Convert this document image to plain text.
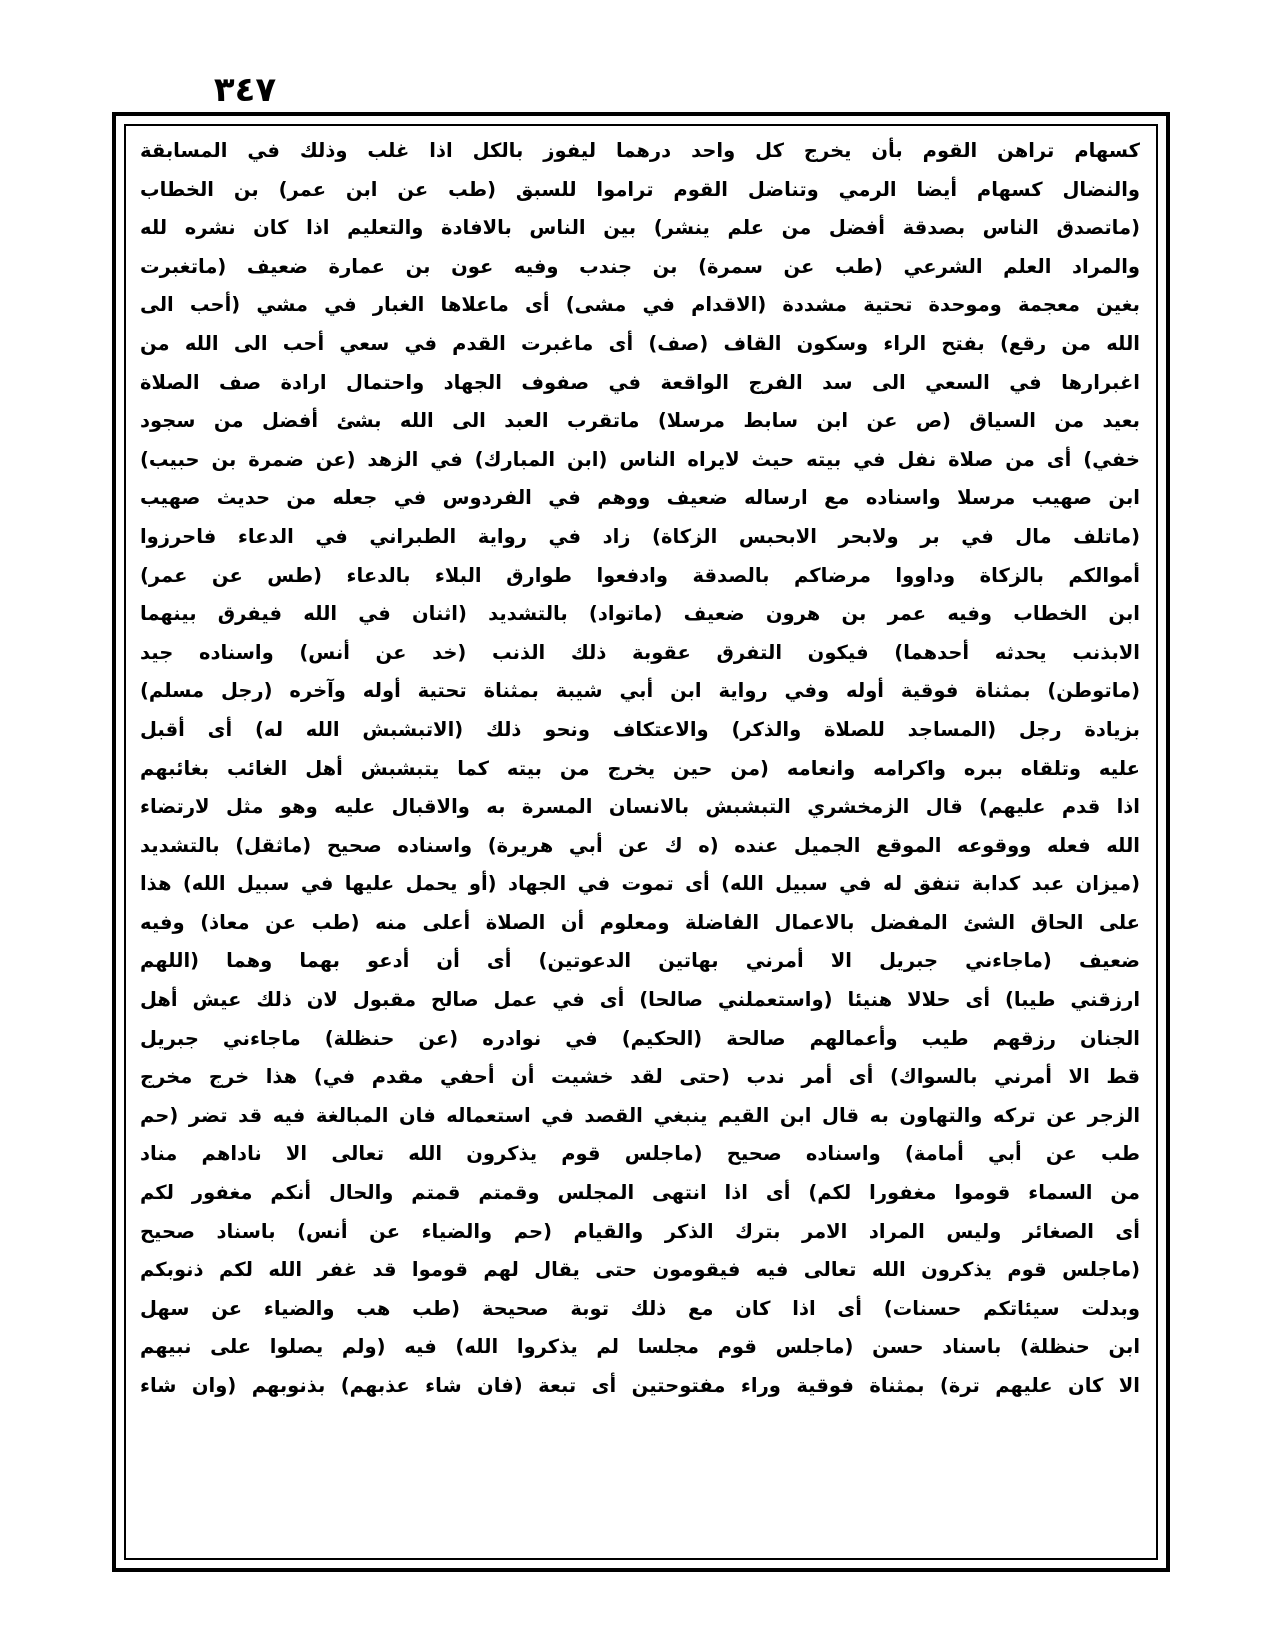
٣٤٧
كسهام تراهن القوم بأن يخرج كل واحد درهما ليفوز بالكل اذا غلب وذلك في المسابقة
والنضال كسهام أيضا الرمي وتناضل القوم تراموا للسبق (طب عن ابن عمر) بن الخطاب
(ماتصدق الناس بصدقة أفضل من علم ينشر) بين الناس بالافادة والتعليم اذا كان نشره لله
والمراد العلم الشرعي (طب عن سمرة) بن جندب وفيه عون بن عمارة ضعيف (ماتغبرت
بغين معجمة وموحدة تحتية مشددة (الاقدام في مشى) أى ماعلاها الغبار في مشي (أحب الى
الله من رقع) بفتح الراء وسكون القاف (صف) أى ماغبرت القدم في سعي أحب الى الله من
اغبرارها في السعي الى سد الفرج الواقعة في صفوف الجهاد واحتمال ارادة صف الصلاة
بعيد من السياق (ص عن ابن سابط مرسلا) ماتقرب العبد الى الله بشئ أفضل من سجود
خفي) أى من صلاة نفل في بيته حيث لايراه الناس (ابن المبارك) في الزهد (عن ضمرة بن حبيب)
ابن صهيب مرسلا واسناده مع ارساله ضعيف ووهم في الفردوس في جعله من حديث صهيب
(ماتلف مال في بر ولابحر الابحبس الزكاة) زاد في رواية الطبراني في الدعاء فاحرزوا
أموالكم بالزكاة وداووا مرضاكم بالصدقة وادفعوا طوارق البلاء بالدعاء (طس عن عمر)
ابن الخطاب وفيه عمر بن هرون ضعيف (ماتواد) بالتشديد (اثنان في الله فيفرق بينهما
الابذنب يحدثه أحدهما) فيكون التفرق عقوبة ذلك الذنب (خد عن أنس) واسناده جيد
(ماتوطن) بمثناة فوقية أوله وفي رواية ابن أبي شيبة بمثناة تحتية أوله وآخره (رجل مسلم)
بزيادة رجل (المساجد للصلاة والذكر) والاعتكاف ونحو ذلك (الاتبشبش الله له) أى أقبل
عليه وتلقاه ببره واكرامه وانعامه (من حين يخرج من بيته كما يتبشبش أهل الغائب بغائبهم
اذا قدم عليهم) قال الزمخشري التبشبش بالانسان المسرة به والاقبال عليه وهو مثل لارتضاء
الله فعله ووقوعه الموقع الجميل عنده (ه ك عن أبي هريرة) واسناده صحيح (ماثقل) بالتشديد
(ميزان عبد كدابة تنفق له في سبيل الله) أى تموت في الجهاد (أو يحمل عليها في سبيل الله) هذا
على الحاق الشئ المفضل بالاعمال الفاضلة ومعلوم أن الصلاة أعلى منه (طب عن معاذ) وفيه
ضعيف (ماجاءني جبريل الا أمرني بهاتين الدعوتين) أى أن أدعو بهما وهما (اللهم
ارزقني طيبا) أى حلالا هنيئا (واستعملني صالحا) أى في عمل صالح مقبول لان ذلك عيش أهل
الجنان رزقهم طيب وأعمالهم صالحة (الحكيم) في نوادره (عن حنظلة) ماجاءني جبريل
قط الا أمرني بالسواك) أى أمر ندب (حتى لقد خشيت أن أحفي مقدم في) هذا خرج مخرج
الزجر عن تركه والتهاون به قال ابن القيم ينبغي القصد في استعماله فان المبالغة فيه قد تضر (حم
طب عن أبي أمامة) واسناده صحيح (ماجلس قوم يذكرون الله تعالى الا ناداهم مناد
من السماء قوموا مغفورا لكم) أى اذا انتهى المجلس وقمتم قمتم والحال أنكم مغفور لكم
أى الصغائر وليس المراد الامر بترك الذكر والقيام (حم والضياء عن أنس) باسناد صحيح
(ماجلس قوم يذكرون الله تعالى فيه فيقومون حتى يقال لهم قوموا قد غفر الله لكم ذنوبكم
وبدلت سيئاتكم حسنات) أى اذا كان مع ذلك توبة صحيحة (طب هب والضياء عن سهل
ابن حنظلة) باسناد حسن (ماجلس قوم مجلسا لم يذكروا الله) فيه (ولم يصلوا على نبيهم
الا كان عليهم ترة) بمثناة فوقية وراء مفتوحتين أى تبعة (فان شاء عذبهم) بذنوبهم (وان شاء
